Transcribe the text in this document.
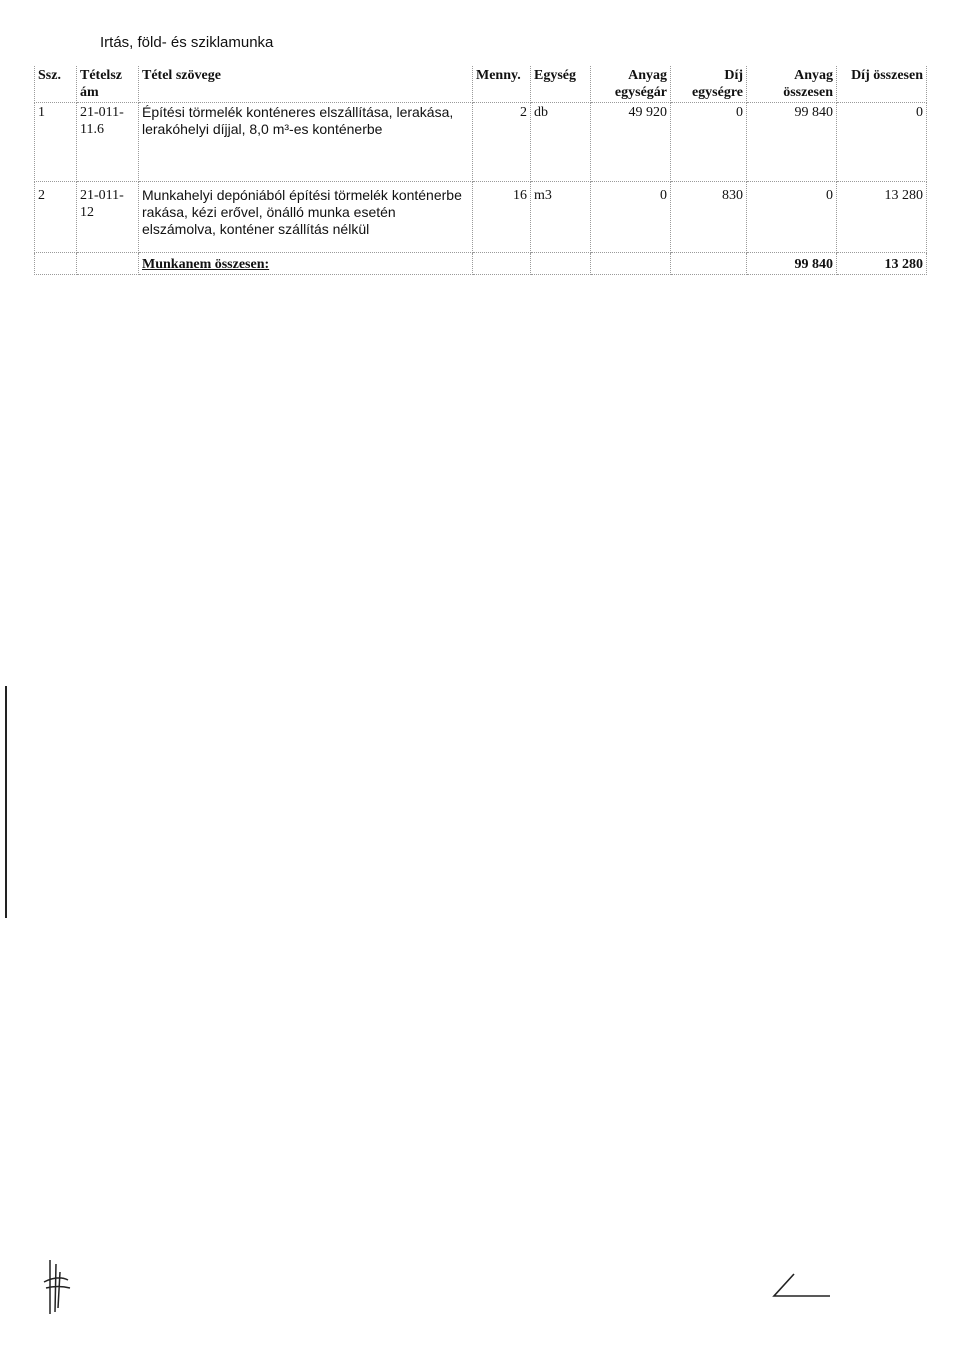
Irtás, föld- és sziklamunka
Ssz.	Tételsz ám	Tétel szövege	Menny.	Egység	Anyag egységár	Díj egységre	Anyag összesen	Díj összesen
1	21-011-11.6	Építési törmelék konténeres elszállítása, lerakása, lerakóhelyi díjjal, 8,0 m³-es konténerbe	2	db	49 920	0	99 840	0
2	21-011-12	Munkahelyi depóniából építési törmelék konténerbe rakása, kézi erővel, önálló munka esetén elszámolva, konténer szállítás nélkül	16	m3	0	830	0	13 280
		Munkanem összesen:					99 840	13 280
